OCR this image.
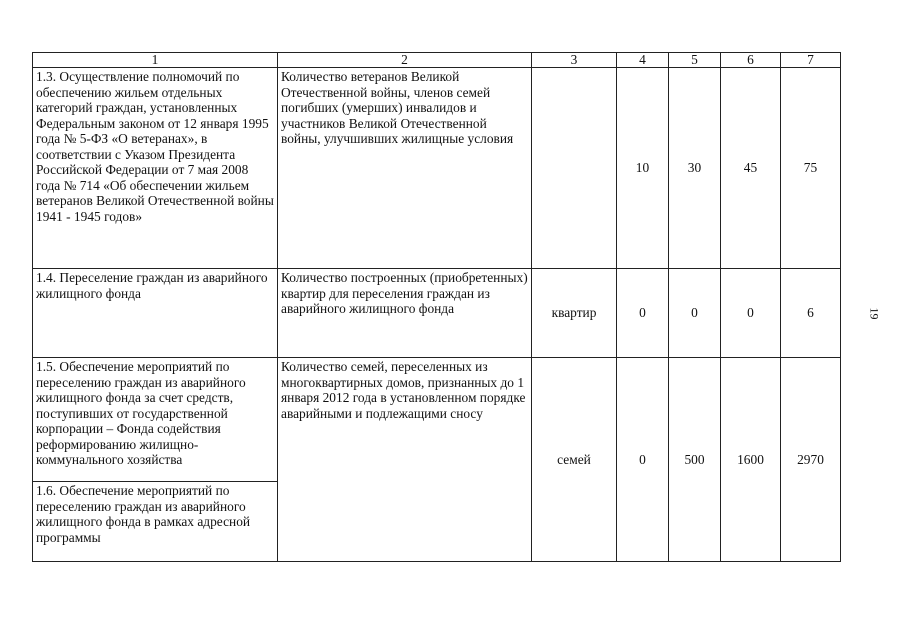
19
1	2	3	4	5	6	7
1.3. Осуществление полномочий по обеспечению жильем отдельных категорий граждан, установленных Федеральным законом от 12 января 1995 года № 5-ФЗ «О ветеранах», в соответствии с Указом Президента Российской Федерации от 7 мая 2008 года № 714 «Об обеспечении жильем ветеранов Великой Отечественной войны 1941 - 1945 годов»	Количество ветеранов Великой Отечественной войны, членов семей погибших (умерших) инвалидов и участников Великой Отечественной войны, улучшивших жилищные условия		10	30	45	75
1.4. Переселение граждан из аварийного жилищного фонда	Количество построенных (приобретенных) квартир для переселения граждан из аварийного жилищного фонда	квартир	0	0	0	6
1.5. Обеспечение мероприятий по переселению граждан из аварийного жилищного фонда за счет средств, поступивших от государственной корпорации – Фонда содействия реформированию жилищно-коммунального хозяйства	Количество семей, переселенных из многоквартирных домов, признанных до 1 января 2012 года в установленном порядке аварийными и подлежащими сносу	семей	0	500	1600	2970
1.6. Обеспечение мероприятий по переселению граждан из аварийного жилищного фонда в рамках адресной программы						
